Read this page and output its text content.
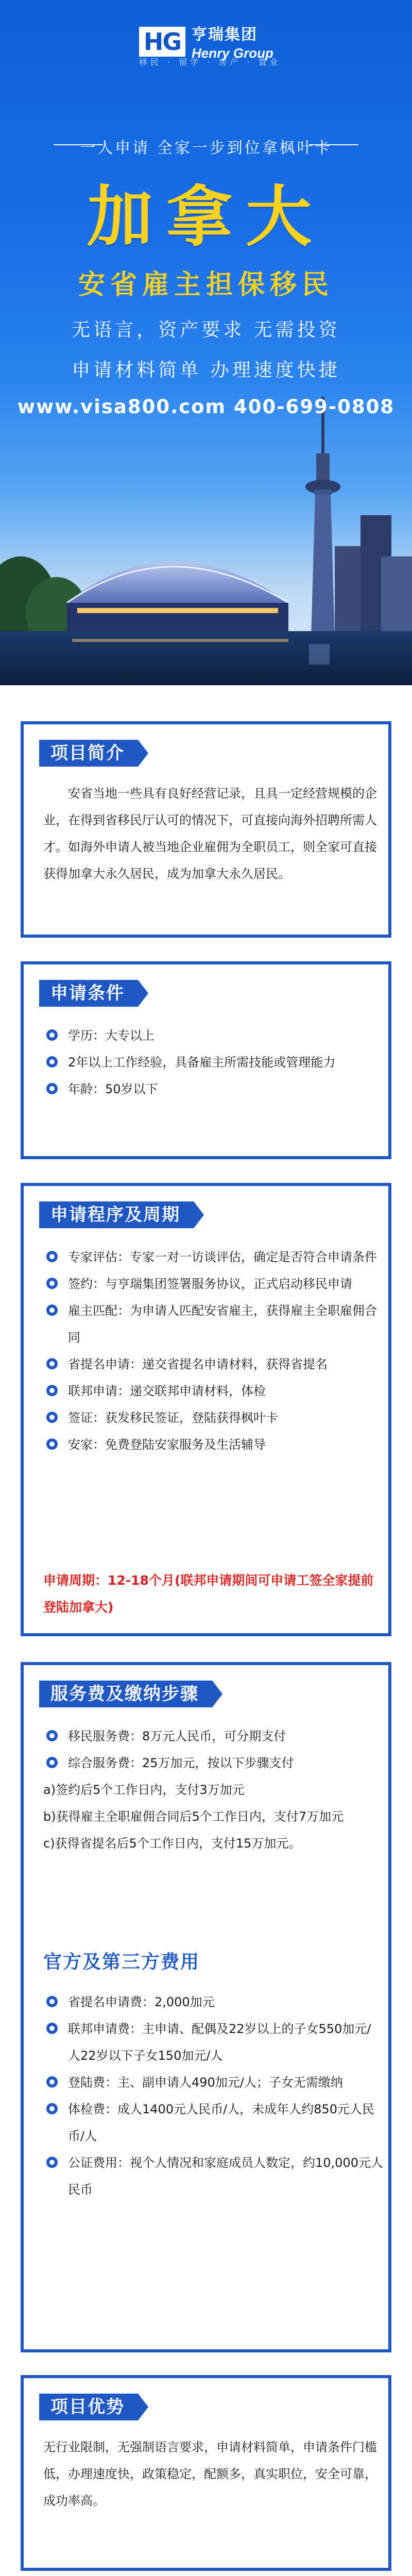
HG 亨瑞集团
Henry Group
移民 · 留学 · 房产 · 置业
一人申请 全家一步到位拿枫叶卡
加拿大
安省雇主担保移民
无语言，资产要求 无需投资
申请材料简单 办理速度快捷
www.visa800.com 400-699-0808
项目简介
安省当地一些具有良好经营记录，且具一定经营规模的企业，在得到省移民厅认可的情况下，可直接向海外招聘所需人才。如海外申请人被当地企业雇佣为全职员工，则全家可直接获得加拿大永久居民，成为加拿大永久居民。
申请条件
学历：大专以上
2年以上工作经验，具备雇主所需技能或管理能力
年龄：50岁以下
申请程序及周期
专家评估：专家一对一访谈评估，确定是否符合申请条件
签约：与亨瑞集团签署服务协议，正式启动移民申请
雇主匹配：为申请人匹配安省雇主，获得雇主全职雇佣合同
省提名申请：递交省提名申请材料，获得省提名
联邦申请：递交联邦申请材料，体检
签证：获发移民签证，登陆获得枫叶卡
安家：免费登陆安家服务及生活辅导
申请周期：12-18个月(联邦申请期间可申请工签全家提前登陆加拿大)
服务费及缴纳步骤
移民服务费：8万元人民币，可分期支付
综合服务费：25万加元，按以下步骤支付
a)签约后5个工作日内，支付3万加元
b)获得雇主全职雇佣合同后5个工作日内，支付7万加元
c)获得省提名后5个工作日内，支付15万加元。
官方及第三方费用
省提名申请费：2,000加元
联邦申请费：主申请、配偶及22岁以上的子女550加元/人22岁以下子女150加元/人
登陆费：主、副申请人490加元/人；子女无需缴纳
体检费：成人1400元人民币/人，未成年人约850元人民币/人
公证费用：视个人情况和家庭成员人数定，约10,000元人民币
项目优势
无行业限制，无强制语言要求，申请材料简单，申请条件门槛低，办理速度快，政策稳定，配额多，真实职位，安全可靠，成功率高。
